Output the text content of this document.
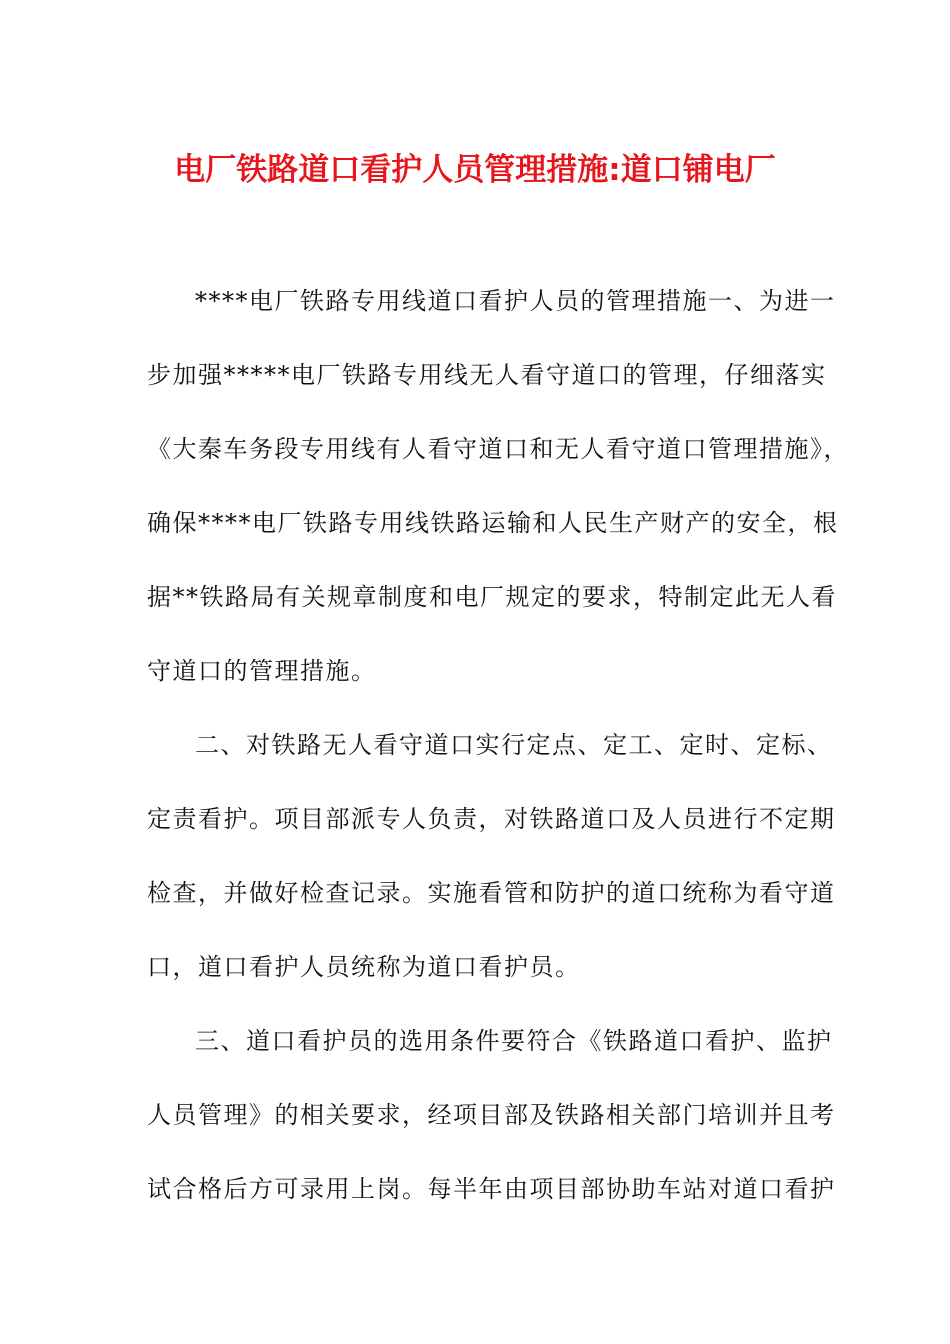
电厂铁路道口看护人员管理措施:道口铺电厂
****电厂铁路专用线道口看护人员的管理措施一、为进一
步加强*****电厂铁路专用线无人看守道口的管理，仔细落实
《大秦车务段专用线有人看守道口和无人看守道口管理措施》，
确保****电厂铁路专用线铁路运输和人民生产财产的安全，根
据**铁路局有关规章制度和电厂规定的要求，特制定此无人看
守道口的管理措施。
二、对铁路无人看守道口实行定点、定工、定时、定标、
定责看护。项目部派专人负责，对铁路道口及人员进行不定期
检查，并做好检查记录。实施看管和防护的道口统称为看守道
口，道口看护人员统称为道口看护员。
三、道口看护员的选用条件要符合《铁路道口看护、监护
人员管理》的相关要求，经项目部及铁路相关部门培训并且考
试合格后方可录用上岗。每半年由项目部协助车站对道口看护
